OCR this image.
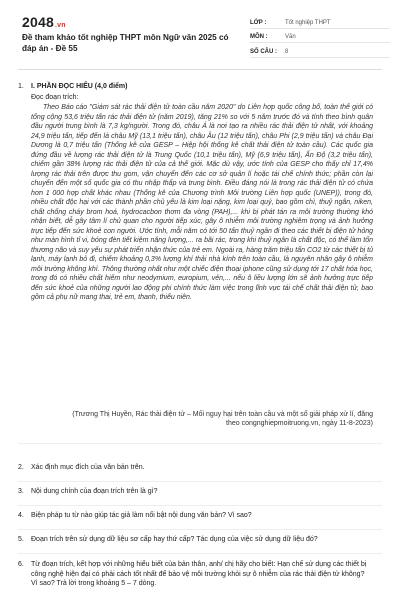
2048.vn
Đề tham khảo tốt nghiệp THPT môn Ngữ văn 2025 có đáp án - Đề 55
LỚP :	Tốt nghiệp THPT
MÔN :	Văn
SỐ CÂU :	8
1. I. PHẦN ĐỌC HIỂU (4,0 điểm)
Đọc đoạn trích:
Theo Báo cáo "Giám sát rác thải điện tử toàn cầu năm 2020" do Liên hợp quốc công bố, toàn thế giới có tổng cộng 53,6 triệu tấn rác thải điện tử (năm 2019), tăng 21% so với 5 năm trước đó và tính theo bình quân đầu người trung bình là 7,3 kg/người. Trong đó, châu Á là nơi tạo ra nhiều rác thải điện tử nhất, với khoảng 24,9 triệu tấn, tiếp đến là châu Mỹ (13,1 triệu tấn), châu Âu (12 triệu tấn), châu Phi (2,9 triệu tấn) và châu Đại Dương là 0,7 triệu tấn (Thống kê của GESP – Hiệp hội thống kê chất thải điện tử toàn cầu). Các quốc gia đứng đầu về lượng rác thải điện tử là Trung Quốc (10,1 triệu tấn), Mỹ (6,9 triệu tấn), Ấn Độ (3,2 triệu tấn), chiếm gần 38% lượng rác thải điện tử của cả thế giới. Mặc dù vậy, ước tính của GESP cho thấy chỉ 17,4% lượng rác thải trên được thu gom, vận chuyển đến các cơ sở quản lí hoặc tái chế chính thức; phần còn lại chuyển đến một số quốc gia có thu nhập thấp và trung bình. Điều đáng nói là trong rác thải điện tử có chứa hơn 1 000 hợp chất khác nhau (Thống kê của Chương trình Môi trường Liên hợp quốc (UNEP)), trong đó, nhiều chất độc hại với các thành phần chủ yếu là kim loại nặng, kim loại quý, bao gồm chì, thuỷ ngân, niken, chất chống cháy brom hoá, hydrocacbon thơm đa vòng (PAH),... khi bị phát tán ra môi trường thường khó nhận biết, dễ gây tâm lí chủ quan cho người tiếp xúc, gây ô nhiễm môi trường nghiêm trọng và ảnh hưởng trực tiếp đến sức khoẻ con người. Ước tính, mỗi năm có tới 50 tấn thuỷ ngân đi theo các thiết bị điện tử hỏng như màn hình tỉ vi, bóng đèn tiết kiệm năng lượng,... ra bãi rác, trong khi thuỷ ngân là chất độc, có thể làm tổn thương não và suy yếu sự phát triển nhận thức của trẻ em. Ngoài ra, hàng trăm triệu tấn CO2 từ các thiết bị tủ lạnh, máy lạnh bỏ đi, chiếm khoảng 0,3% lượng khí thải nhà kính trên toàn cầu, là nguyên nhân gây ô nhiễm môi trường không khí. Thông thường nhất như một chiếc điện thoại iphone cũng sử dụng tới 17 chất hóa học, trong đó có nhiều chất hiếm như neodymium, europium, vẻn,... nếu ô liều lượng lớn sẽ ảnh hưởng trực tiếp đến sức khoẻ của những người lao động phi chính thức làm việc trong lĩnh vực tái chế chất thải điện tử, bao gồm cả phụ nữ mang thai, trẻ em, thanh, thiếu niên.
(Trương Thị Huyền, Rác thải điện tử – Mối nguy hại trên toàn cầu và một số giải pháp xử lí, đăng
theo congnghiepmoitruong.vn, ngày 11-8-2023)
2. Xác định mục đích của văn bản trên.
3. Nội dung chính của đoạn trích trên là gì?
4. Biện pháp tu từ nào giúp tác giả làm nổi bật nội dung văn bản? Vì sao?
5. Đoạn trích trên sử dụng dữ liệu sơ cấp hay thứ cấp? Tác dụng của việc sử dụng dữ liệu đó?
6. Từ đoạn trích, kết hợp với những hiểu biết của bản thân, anh/ chị hãy cho biết: Hạn chế sử dụng các thiết bị công nghệ hiện đại có phải cách tốt nhất để bảo vệ môi trường khỏi sự ô nhiễm của rác thải điện tử không? Vì sao? Trả lời trong khoảng 5 – 7 dòng.
